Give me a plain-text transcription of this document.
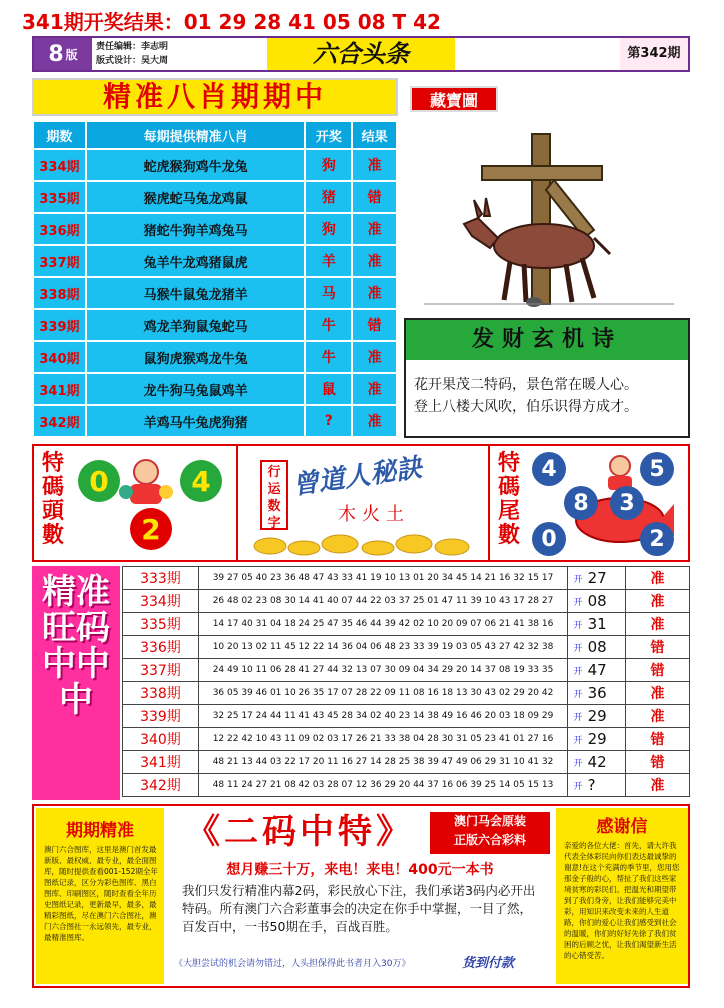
341期开奖结果：01 29 28 41 05 08 T 42
8 版
责任编辑：李志明
版式设计：吴大周	六合头条	第342期
精准八肖期期中	藏寶圖
期数	每期提供精准八肖	开奖	结果
334期	蛇虎猴狗鸡牛龙兔	狗	准
335期	猴虎蛇马兔龙鸡鼠	猪	错
336期	猪蛇牛狗羊鸡兔马	狗	准
337期	兔羊牛龙鸡猪鼠虎	羊	准
338期	马猴牛鼠兔龙猪羊	马	准
339期	鸡龙羊狗鼠兔蛇马	牛	错
340期	鼠狗虎猴鸡龙牛兔	牛	准
341期	龙牛狗马兔鼠鸡羊	鼠	准
342期	羊鸡马牛兔虎狗猪	?	准
发财玄机诗
花开果茂二特码，景色常在暖人心。
登上八楼大风吹，伯乐识得方成才。
特碼頭數
0	4
2
行运数字
曾道人秘訣
木火土
特碼尾數
4	5
8	3
0	2
精准旺码中中中
333期	39 27 05 40 23 36 48 47 43 33 41 19 10 13 01 20 34 45 14 21 16 32 15 17	开	27	准
334期	26 48 02 23 08 30 14 41 40 07 44 22 03 37 25 01 47 11 39 10 43 17 28 27	开	08	准
335期	14 17 40 31 04 18 24 25 47 35 46 44 39 42 02 10 20 09 07 06 21 41 38 16	开	31	准
336期	10 20 13 02 11 45 12 22 14 36 04 06 48 23 33 39 19 03 05 43 27 42 32 38	开	08	错
337期	24 49 10 11 06 28 41 27 44 32 13 07 30 09 04 34 29 20 14 37 08 19 33 35	开	47	错
338期	36 05 39 46 01 10 26 35 17 07 28 22 09 11 08 16 18 13 30 43 02 29 20 42	开	36	准
339期	32 25 17 24 44 11 41 43 45 28 34 02 40 23 14 38 49 16 46 20 03 18 09 29	开	29	准
340期	12 22 42 10 43 11 09 02 03 17 26 21 33 38 04 28 30 31 05 23 41 01 27 16	开	29	错
341期	48 21 13 44 03 22 17 20 11 16 27 14 28 25 38 39 47 49 06 29 31 10 41 32	开	42	错
342期	48 11 24 27 21 08 42 03 28 07 12 36 29 20 44 37 16 06 39 25 14 05 15 13	开	?	准
期期精准
澳门六合图库，这里是澳门首发最新版、最权威、最专业，最全面图库，随时提供查看001-152期全年图纸记录，区分为彩色图库、黑白图库、印刷图区，随时查看全年历史图纸记录，更新最早，最多，最精彩图纸，尽在澳门六合图社，澳门六合图社一永远领先，最专业，最精准图库。
《二码中特》	澳门马会原装
正版六合彩料
想月赚三十万，来电！来电！400元一本书
我们只发行精准内幕2码，彩民放心下注，我们承诺3码内必开出特码。所有澳门六合彩董事会的决定在你手中掌握，一目了然，百发百中，一书50期在手，百战百胜。
《大胆尝试的机会请勿错过，人头担保得此书者月入30万》	货到付款
感谢信
亲爱的各位大佬：首先，请大许我代表全体彩民向你们表达最诚挚的谢意!在这个充满的季节里，您用您那金子般的心，帮扯了我们这些家境贫寒的彩民们。把温光和期望带到了我们身旁，让我们能够完美中彩，用知识来改变未来的人生道路，你们的爱心让我们感受到社会的温暖，你们的好好先徐了我们贫困的后顾之忧，让我们渴望新生活的心错受苦。
